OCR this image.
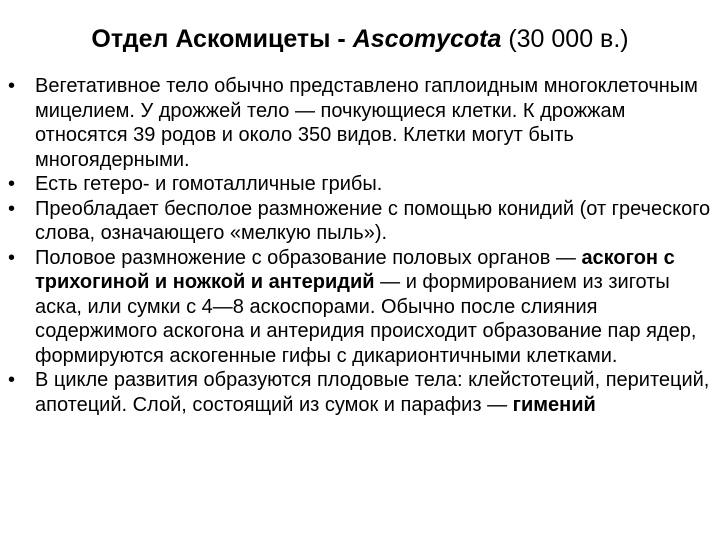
Отдел Аскомицеты - Ascomycota (30 000 в.)
• Вегетативное тело обычно представлено гаплоидным многоклеточным мицелием. У дрожжей тело — почкующиеся клетки. К дрожжам относятся 39 родов и около 350 видов. Клетки могут быть многоядерными.
• Есть гетеро- и гомоталличные грибы.
• Преобладает бесполое размножение с помощью конидий (от греческого слова, означающего «мелкую пыль»).
• Половое размножение с образование половых органов — аскогон с трихогиной и ножкой и антеридий — и формированием из зиготы аска, или сумки с 4—8 аскоспорами. Обычно после слияния содержимого аскогона и антеридия происходит образование пар ядер, формируются аскогенные гифы с дикарионтичными клетками.
• В цикле развития образуются плодовые тела: клейстотеций, перитеций, апотеций. Слой, состоящий из сумок и парафиз — гимений
